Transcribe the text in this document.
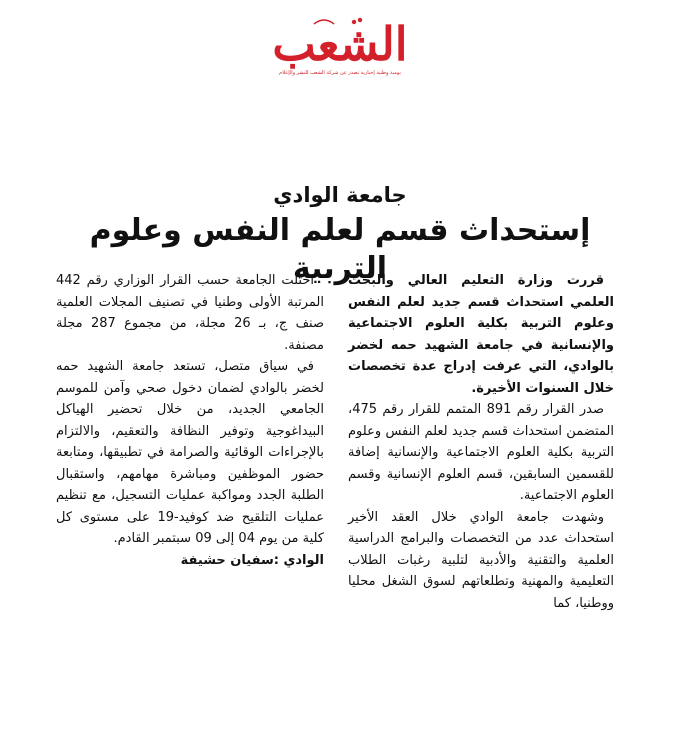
الشعب
يومية وطنية إخبارية تصدر عن شركة الشعب للنشر والإعلام
جامعة الوادي
إستحداث قسم لعلم النفس وعلوم التربية

قررت وزارة التعليم العالي والبحث العلمي استحداث قسم جديد لعلم النفس وعلوم التربية بكلية العلوم الاجتماعية والإنسانية في جامعة الشهيد حمه لخضر بالوادي، التي عرفت إدراج عدة تخصصات خلال السنوات الأخيرة.

صدر القرار رقم 891 المتمم للقرار رقم 475، المتضمن استحداث قسم جديد لعلم النفس وعلوم التربية بكلية العلوم الاجتماعية والإنسانية إضافة للقسمين السابقين، قسم العلوم الإنسانية وقسم العلوم الاجتماعية.

وشهدت جامعة الوادي خلال العقد الأخير استحداث عدد من التخصصات والبرامج الدراسية العلمية والتقنية والأدبية لتلبية رغبات الطلاب التعليمية والمهنية وتطلعاتهم لسوق الشغل محليا ووطنيا، كما

احتلت الجامعة حسب القرار الوزاري رقم 442 المرتبة الأولى وطنيا في تصنيف المجلات العلمية صنف ج، بـ 26 مجلة، من مجموع 287 مجلة مصنفة.

في سياق متصل، تستعد جامعة الشهيد حمه لخضر بالوادي لضمان دخول صحي وآمن للموسم الجامعي الجديد، من خلال تحضير الهياكل البيداغوجية وتوفير النظافة والتعقيم، والالتزام بالإجراءات الوقائية والصرامة في تطبيقها، ومتابعة حضور الموظفين ومباشرة مهامهم، واستقبال الطلبة الجدد ومواكبة عمليات التسجيل، مع تنظيم عمليات التلقيح ضد كوفيد-19 على مستوى كل كلية من يوم 04 إلى 09 سبتمبر القادم.

الوادي :سفيان حشيفة
